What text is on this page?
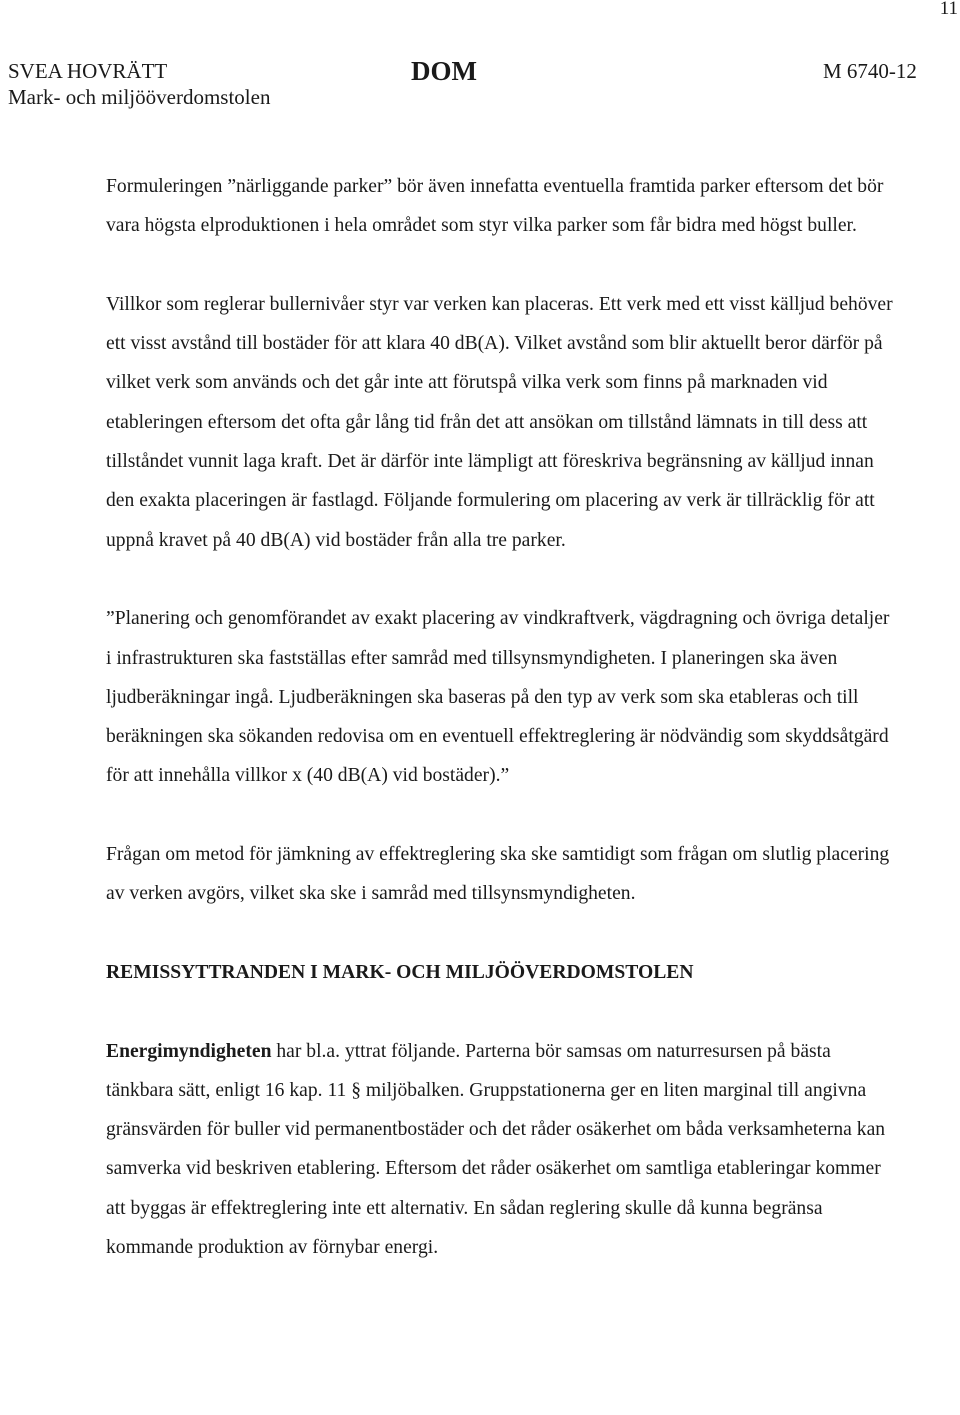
11
SVEA HOVRÄTT
Mark- och miljööverdomstolen
DOM	M 6740-12

Formuleringen ”närliggande parker” bör även innefatta eventuella framtida parker eftersom det bör vara högsta elproduktionen i hela området som styr vilka parker som får bidra med högst buller.

Villkor som reglerar bullernivåer styr var verken kan placeras. Ett verk med ett visst källjud behöver ett visst avstånd till bostäder för att klara 40 dB(A). Vilket avstånd som blir aktuellt beror därför på vilket verk som används och det går inte att förutspå vilka verk som finns på marknaden vid etableringen eftersom det ofta går lång tid från det att ansökan om tillstånd lämnats in till dess att tillståndet vunnit laga kraft. Det är därför inte lämpligt att föreskriva begränsning av källjud innan den exakta placeringen är fastlagd. Följande formulering om placering av verk är tillräcklig för att uppnå kravet på 40 dB(A) vid bostäder från alla tre parker.

”Planering och genomförandet av exakt placering av vindkraftverk, vägdragning och övriga detaljer i infrastrukturen ska fastställas efter samråd med tillsynsmyndigheten. I planeringen ska även ljudberäkningar ingå. Ljudberäkningen ska baseras på den typ av verk som ska etableras och till beräkningen ska sökanden redovisa om en eventuell effektreglering är nödvändig som skyddsåtgärd för att innehålla villkor x (40 dB(A) vid bostäder).”

Frågan om metod för jämkning av effektreglering ska ske samtidigt som frågan om slutlig placering av verken avgörs, vilket ska ske i samråd med tillsynsmyndigheten.

REMISSYTTRANDEN I MARK- OCH MILJÖÖVERDOMSTOLEN

Energimyndigheten har bl.a. yttrat följande. Parterna bör samsas om naturresursen på bästa tänkbara sätt, enligt 16 kap. 11 § miljöbalken. Gruppstationerna ger en liten marginal till angivna gränsvärden för buller vid permanentbostäder och det råder osäkerhet om båda verksamheterna kan samverka vid beskriven etablering. Eftersom det råder osäkerhet om samtliga etableringar kommer att byggas är effektreglering inte ett alternativ. En sådan reglering skulle då kunna begränsa kommande produktion av förnybar energi.
